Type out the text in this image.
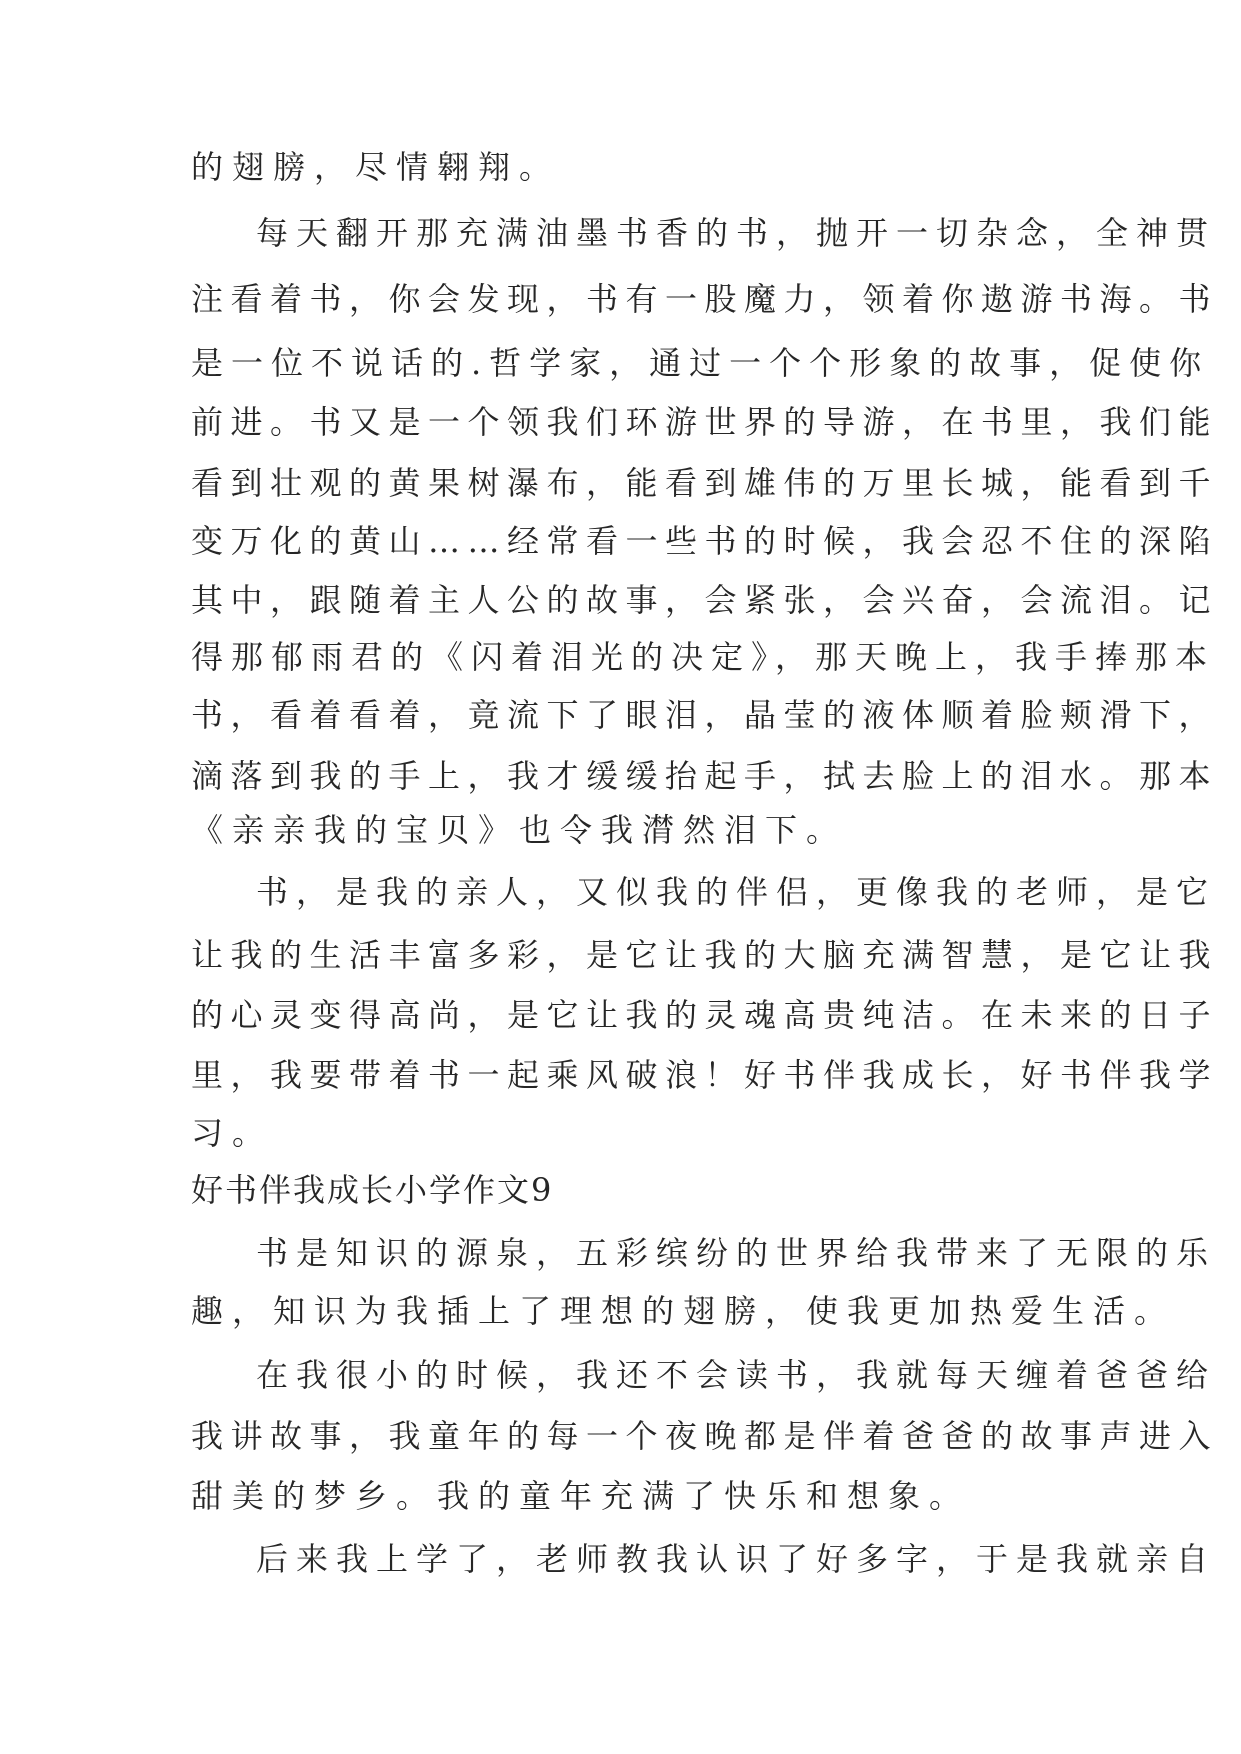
的翅膀，尽情翱翔。
每天翻开那充满油墨书香的书，抛开一切杂念，全神贯
注看着书，你会发现，书有一股魔力，领着你遨游书海。书
是一位不说话的.哲学家，通过一个个形象的故事，促使你
前进。书又是一个领我们环游世界的导游，在书里，我们能
看到壮观的黄果树瀑布，能看到雄伟的万里长城，能看到千
变万化的黄山……经常看一些书的时候，我会忍不住的深陷
其中，跟随着主人公的故事，会紧张，会兴奋，会流泪。记
得那郁雨君的《闪着泪光的决定》，那天晚上，我手捧那本
书，看着看着，竟流下了眼泪，晶莹的液体顺着脸颊滑下，
滴落到我的手上，我才缓缓抬起手，拭去脸上的泪水。那本
《亲亲我的宝贝》也令我潸然泪下。
书，是我的亲人，又似我的伴侣，更像我的老师，是它
让我的生活丰富多彩，是它让我的大脑充满智慧，是它让我
的心灵变得高尚，是它让我的灵魂高贵纯洁。在未来的日子
里，我要带着书一起乘风破浪！好书伴我成长，好书伴我学
习。
好书伴我成长小学作文9
书是知识的源泉，五彩缤纷的世界给我带来了无限的乐
趣，知识为我插上了理想的翅膀，使我更加热爱生活。
在我很小的时候，我还不会读书，我就每天缠着爸爸给
我讲故事，我童年的每一个夜晚都是伴着爸爸的故事声进入
甜美的梦乡。我的童年充满了快乐和想象。
后来我上学了，老师教我认识了好多字，于是我就亲自
